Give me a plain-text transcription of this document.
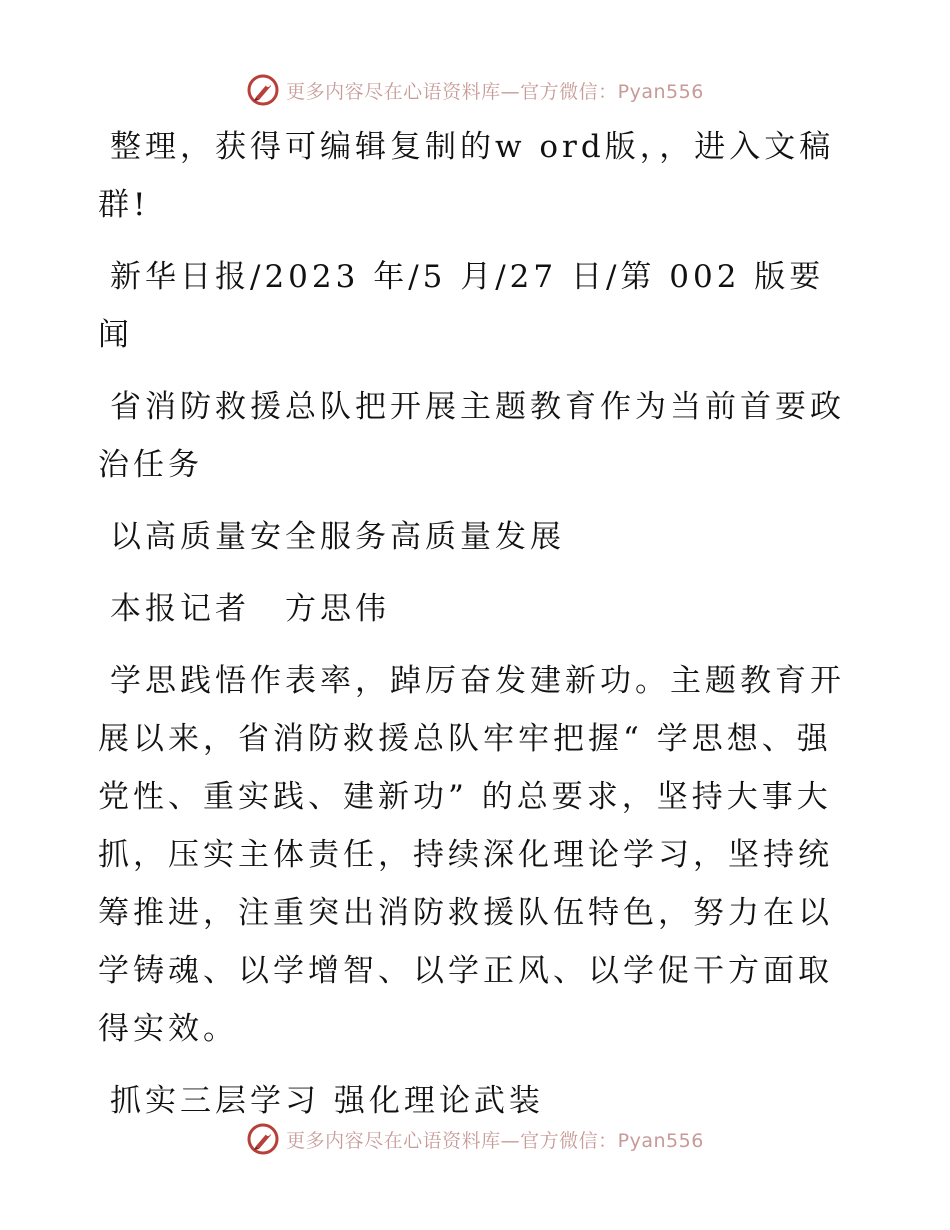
更多内容尽在心语资料库—官方微信：Pyan556

整理，获得可编辑复制的w ord版，，进入文稿群!

新华日报/2023 年/5 月/27 日/第 002 版要闻

省消防救援总队把开展主题教育作为当前首要政治任务

以高质量安全服务高质量发展

本报记者　方思伟

学思践悟作表率，踔厉奋发建新功。主题教育开展以来，省消防救援总队牢牢把握“ 学思想、强党性、重实践、建新功” 的总要求，坚持大事大抓，压实主体责任，持续深化理论学习，坚持统筹推进，注重突出消防救援队伍特色，努力在以学铸魂、以学增智、以学正风、以学促干方面取得实效。

抓实三层学习 强化理论武装

更多内容尽在心语资料库—官方微信：Pyan556
